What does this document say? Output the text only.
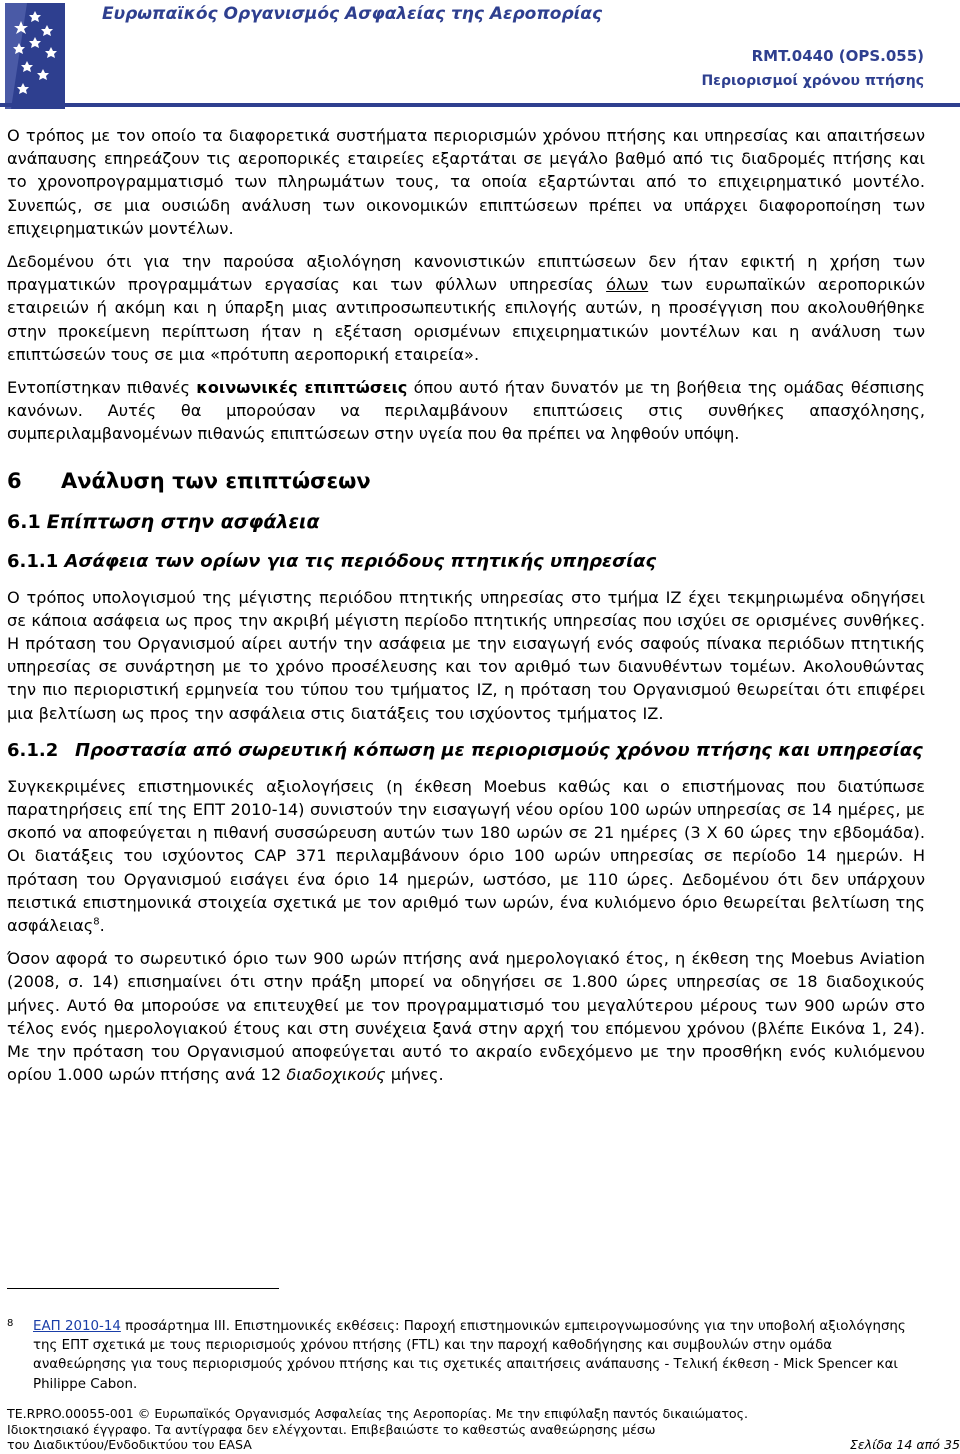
Ευρωπαϊκός Οργανισμός Ασφαλείας της Αεροπορίας
RMT.0440 (OPS.055)
Περιορισμοί χρόνου πτήσης

Ο τρόπος με τον οποίο τα διαφορετικά συστήματα περιορισμών χρόνου πτήσης και υπηρεσίας και απαιτήσεων ανάπαυσης επηρεάζουν τις αεροπορικές εταιρείες εξαρτάται σε μεγάλο βαθμό από τις διαδρομές πτήσης και το χρονοπρογραμματισμό των πληρωμάτων τους, τα οποία εξαρτώνται από το επιχειρηματικό μοντέλο. Συνεπώς, σε μια ουσιώδη ανάλυση των οικονομικών επιπτώσεων πρέπει να υπάρχει διαφοροποίηση των επιχειρηματικών μοντέλων.

Δεδομένου ότι για την παρούσα αξιολόγηση κανονιστικών επιπτώσεων δεν ήταν εφικτή η χρήση των πραγματικών προγραμμάτων εργασίας και των φύλλων υπηρεσίας όλων των ευρωπαϊκών αεροπορικών εταιρειών ή ακόμη και η ύπαρξη μιας αντιπροσωπευτικής επιλογής αυτών, η προσέγγιση που ακολουθήθηκε στην προκείμενη περίπτωση ήταν η εξέταση ορισμένων επιχειρηματικών μοντέλων και η ανάλυση των επιπτώσεών τους σε μια «πρότυπη αεροπορική εταιρεία».

Εντοπίστηκαν πιθανές κοινωνικές επιπτώσεις όπου αυτό ήταν δυνατόν με τη βοήθεια της ομάδας θέσπισης κανόνων. Αυτές θα μπορούσαν να περιλαμβάνουν επιπτώσεις στις συνθήκες απασχόλησης, συμπεριλαμβανομένων πιθανώς επιπτώσεων στην υγεία που θα πρέπει να ληφθούν υπόψη.

6 Ανάλυση των επιπτώσεων
6.1 Επίπτωση στην ασφάλεια
6.1.1 Ασάφεια των ορίων για τις περιόδους πτητικής υπηρεσίας

Ο τρόπος υπολογισμού της μέγιστης περιόδου πτητικής υπηρεσίας στο τμήμα IZ έχει τεκμηριωμένα οδηγήσει σε κάποια ασάφεια ως προς την ακριβή μέγιστη περίοδο πτητικής υπηρεσίας που ισχύει σε ορισμένες συνθήκες. Η πρόταση του Οργανισμού αίρει αυτήν την ασάφεια με την εισαγωγή ενός σαφούς πίνακα περιόδων πτητικής υπηρεσίας σε συνάρτηση με το χρόνο προσέλευσης και τον αριθμό των διανυθέντων τομέων. Ακολουθώντας την πιο περιοριστική ερμηνεία του τύπου του τμήματος IZ, η πρόταση του Οργανισμού θεωρείται ότι επιφέρει μια βελτίωση ως προς την ασφάλεια στις διατάξεις του ισχύοντος τμήματος IZ.

6.1.2 Προστασία από σωρευτική κόπωση με περιορισμούς χρόνου πτήσης και υπηρεσίας

Συγκεκριμένες επιστημονικές αξιολογήσεις (η έκθεση Moebus καθώς και ο επιστήμονας που διατύπωσε παρατηρήσεις επί της ΕΠΤ 2010-14) συνιστούν την εισαγωγή νέου ορίου 100 ωρών υπηρεσίας σε 14 ημέρες, με σκοπό να αποφεύγεται η πιθανή συσσώρευση αυτών των 180 ωρών σε 21 ημέρες (3 Χ 60 ώρες την εβδομάδα). Οι διατάξεις του ισχύοντος CAP 371 περιλαμβάνουν όριο 100 ωρών υπηρεσίας σε περίοδο 14 ημερών. Η πρόταση του Οργανισμού εισάγει ένα όριο 14 ημερών, ωστόσο, με 110 ώρες. Δεδομένου ότι δεν υπάρχουν πειστικά επιστημονικά στοιχεία σχετικά με τον αριθμό των ωρών, ένα κυλιόμενο όριο θεωρείται βελτίωση της ασφάλειας$^8$.

Όσον αφορά το σωρευτικό όριο των 900 ωρών πτήσης ανά ημερολογιακό έτος, η έκθεση της Moebus Aviation (2008, σ. 14) επισημαίνει ότι στην πράξη μπορεί να οδηγήσει σε 1.800 ώρες υπηρεσίας σε 18 διαδοχικούς μήνες. Αυτό θα μπορούσε να επιτευχθεί με τον προγραμματισμό του μεγαλύτερου μέρους των 900 ωρών στο τέλος ενός ημερολογιακού έτους και στη συνέχεια ξανά στην αρχή του επόμενου χρόνου (βλέπε Εικόνα 1, 24). Με την πρόταση του Οργανισμού αποφεύγεται αυτό το ακραίο ενδεχόμενο με την προσθήκη ενός κυλιόμενου ορίου 1.000 ωρών πτήσης ανά 12 διαδοχικούς μήνες.

8	ΕΑΠ 2010-14 προσάρτημα III. Επιστημονικές εκθέσεις: Παροχή επιστημονικών εμπειρογνωμοσύνης για την υποβολή αξιολόγησης της ΕΠΤ σχετικά με τους περιορισμούς χρόνου πτήσης (FTL) και την παροχή καθοδήγησης και συμβουλών στην ομάδα αναθεώρησης για τους περιορισμούς χρόνου πτήσης και τις σχετικές απαιτήσεις ανάπαυσης - Τελική έκθεση - Mick Spencer και Philippe Cabon.
TE.RPRO.00055-001 © Ευρωπαϊκός Οργανισμός Ασφαλείας της Αεροπορίας. Με την επιφύλαξη παντός δικαιώματος.
Ιδιοκτησιακό έγγραφο. Τα αντίγραφα δεν ελέγχονται. Επιβεβαιώστε το καθεστώς αναθεώρησης μέσω
του Διαδικτύου/Ενδοδικτύου του EASA	Σελίδα 14 από 35
